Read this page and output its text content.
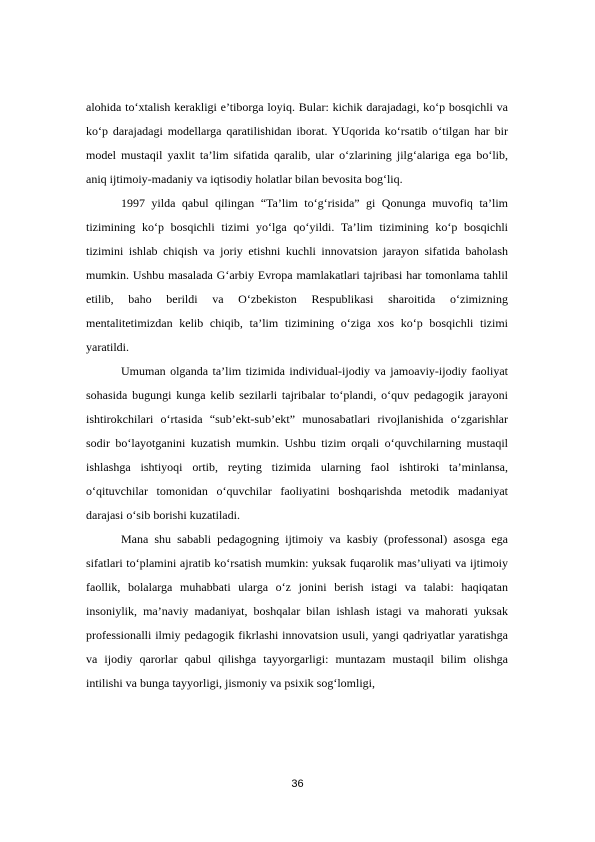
alohida to‘xtalish kerakligi e’tiborga loyiq. Bular: kichik darajadagi, ko‘p bosqichli va ko‘p darajadagi modellarga qaratilishidan iborat. YUqorida ko‘rsatib o‘tilgan har bir model mustaqil yaxlit ta’lim sifatida qaralib, ular o‘zlarining jilg‘alariga ega bo‘lib, aniq ijtimoiy-madaniy va iqtisodiy holatlar bilan bevosita bog‘liq.

1997 yilda qabul qilingan “Ta’lim to‘g‘risida” gi Qonunga muvofiq ta’lim tizimining ko‘p bosqichli tizimi yo‘lga qo‘yildi. Ta’lim tizimining ko‘p bosqichli tizimini ishlab chiqish va joriy etishni kuchli innovatsion jarayon sifatida baholash mumkin. Ushbu masalada G‘arbiy Evropa mamlakatlari tajribasi har tomonlama tahlil etilib, baho berildi va O‘zbekiston Respublikasi sharoitida o‘zimizning mentalitetimizdan kelib chiqib, ta’lim tizimining o‘ziga xos ko‘p bosqichli tizimi yaratildi.

Umuman olganda ta’lim tizimida individual-ijodiy va jamoaviy-ijodiy faoliyat sohasida bugungi kunga kelib sezilarli tajribalar to‘plandi, o‘quv pedagogik jarayoni ishtirokchilari o‘rtasida “sub’ekt-sub’ekt” munosabatlari rivojlanishida o‘zgarishlar sodir bo‘layotganini kuzatish mumkin. Ushbu tizim orqali o‘quvchilarning mustaqil ishlashga ishtiyoqi ortib, reyting tizimida ularning faol ishtiroki ta’minlansa, o‘qituvchilar tomonidan o‘quvchilar faoliyatini boshqarishda metodik madaniyat darajasi o‘sib borishi kuzatiladi.

Mana shu sababli pedagogning ijtimoiy va kasbiy (professonal) asosga ega sifatlari to‘plamini ajratib ko‘rsatish mumkin: yuksak fuqarolik mas’uliyati va ijtimoiy faollik, bolalarga muhabbati ularga o‘z jonini berish istagi va talabi: haqiqatan insoniylik, ma’naviy madaniyat, boshqalar bilan ishlash istagi va mahorati yuksak professionalli ilmiy pedagogik fikrlashi innovatsion usuli, yangi qadriyatlar yaratishga va ijodiy qarorlar qabul qilishga tayyorgarligi: muntazam mustaqil bilim olishga intilishi va bunga tayyorligi, jismoniy va psixik sog‘lomligi,

36
